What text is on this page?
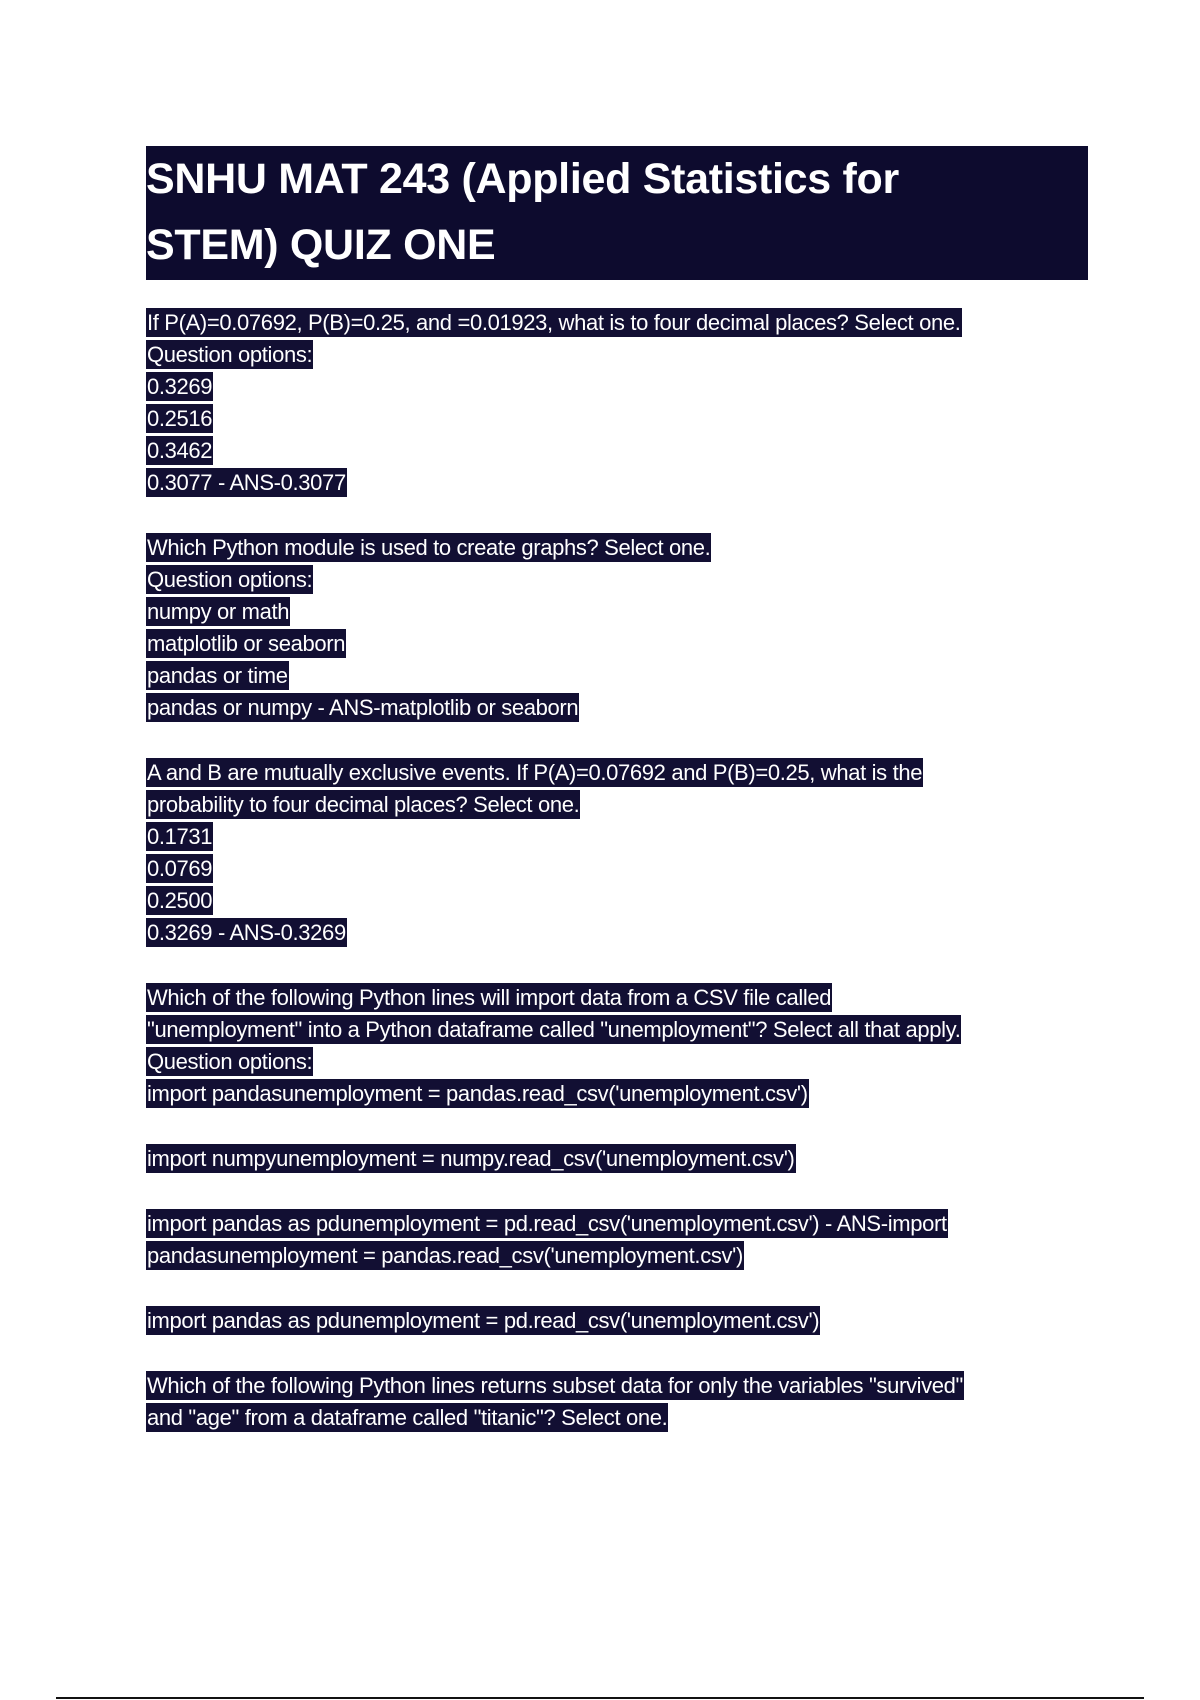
SNHU MAT 243 (Applied Statistics for
STEM) QUIZ ONE
If P(A)=0.07692, P(B)=0.25, and =0.01923, what is to four decimal places? Select one.
Question options:
0.3269
0.2516
0.3462
0.3077 - ANS-0.3077
Which Python module is used to create graphs? Select one.
Question options:
numpy or math
matplotlib or seaborn
pandas or time
pandas or numpy - ANS-matplotlib or seaborn
A and B are mutually exclusive events. If P(A)=0.07692 and P(B)=0.25, what is the
probability to four decimal places? Select one.
0.1731
0.0769
0.2500
0.3269 - ANS-0.3269
Which of the following Python lines will import data from a CSV file called
"unemployment" into a Python dataframe called "unemployment"? Select all that apply.
Question options:
import pandasunemployment = pandas.read_csv('unemployment.csv')
import numpyunemployment = numpy.read_csv('unemployment.csv')
import pandas as pdunemployment = pd.read_csv('unemployment.csv') - ANS-import
pandasunemployment = pandas.read_csv('unemployment.csv')
import pandas as pdunemployment = pd.read_csv('unemployment.csv')
Which of the following Python lines returns subset data for only the variables "survived"
and "age" from a dataframe called "titanic"? Select one.
